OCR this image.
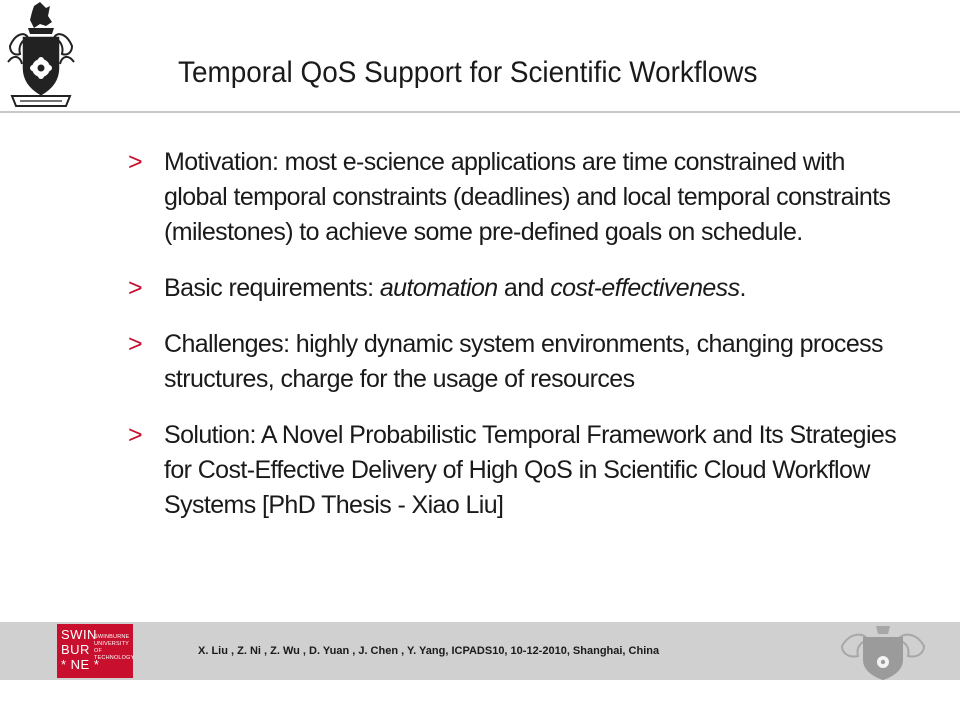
Temporal QoS Support for Scientific Workflows
> Motivation: most e-science applications are time constrained with global temporal constraints (deadlines) and local temporal constraints (milestones) to achieve some pre-defined goals on schedule.
> Basic requirements: automation and cost-effectiveness.
> Challenges: highly dynamic system environments, changing process structures, charge for the usage of resources
> Solution: A Novel Probabilistic Temporal Framework and Its Strategies for Cost-Effective Delivery of High QoS in Scientific Cloud Workflow Systems [PhD Thesis - Xiao Liu]
SWIN
BUR
* NE *
SWINBURNE
UNIVERSITY OF
TECHNOLOGY
X. Liu , Z. Ni , Z. Wu , D. Yuan , J. Chen , Y. Yang, ICPADS10, 10-12-2010, Shanghai, China
